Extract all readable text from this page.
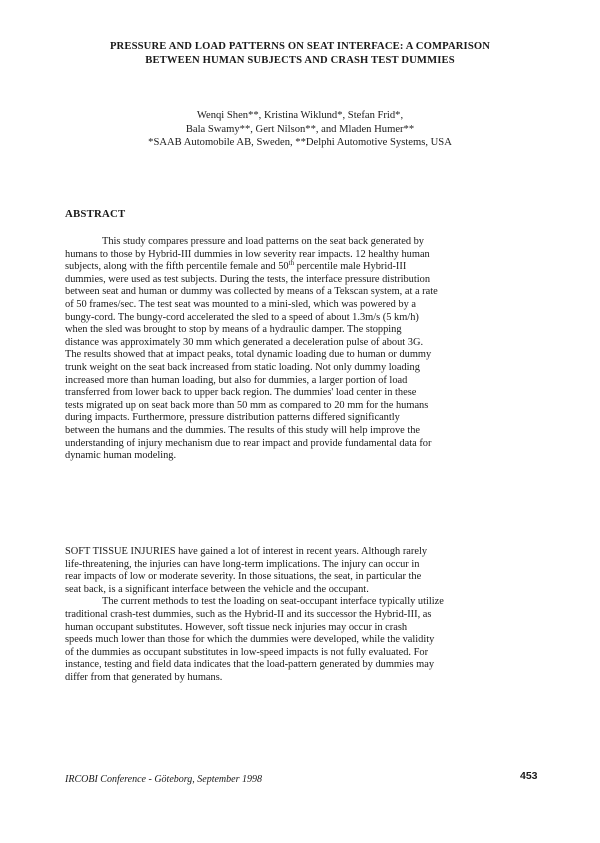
PRESSURE AND LOAD PATTERNS ON SEAT INTERFACE: A COMPARISON
BETWEEN HUMAN SUBJECTS AND CRASH TEST DUMMIES
Wenqi Shen**, Kristina Wiklund*, Stefan Frid*,
Bala Swamy**, Gert Nilson**, and Mladen Humer**
*SAAB Automobile AB, Sweden, **Delphi Automotive Systems, USA
ABSTRACT
This study compares pressure and load patterns on the seat back generated by
humans to those by Hybrid-III dummies in low severity rear impacts. 12 healthy human
subjects, along with the fifth percentile female and 50th percentile male Hybrid-III
dummies, were used as test subjects. During the tests, the interface pressure distribution
between seat and human or dummy was collected by means of a Tekscan system, at a rate
of 50 frames/sec. The test seat was mounted to a mini-sled, which was powered by a
bungy-cord. The bungy-cord accelerated the sled to a speed of about 1.3m/s (5 km/h)
when the sled was brought to stop by means of a hydraulic damper. The stopping
distance was approximately 30 mm which generated a deceleration pulse of about 3G.
The results showed that at impact peaks, total dynamic loading due to human or dummy
trunk weight on the seat back increased from static loading. Not only dummy loading
increased more than human loading, but also for dummies, a larger portion of load
transferred from lower back to upper back region. The dummies' load center in these
tests migrated up on seat back more than 50 mm as compared to 20 mm for the humans
during impacts. Furthermore, pressure distribution patterns differed significantly
between the humans and the dummies. The results of this study will help improve the
understanding of injury mechanism due to rear impact and provide fundamental data for
dynamic human modeling.
SOFT TISSUE INJURIES have gained a lot of interest in recent years. Although rarely
life-threatening, the injuries can have long-term implications. The injury can occur in
rear impacts of low or moderate severity. In those situations, the seat, in particular the
seat back, is a significant interface between the vehicle and the occupant.
The current methods to test the loading on seat-occupant interface typically utilize
traditional crash-test dummies, such as the Hybrid-II and its successor the Hybrid-III, as
human occupant substitutes. However, soft tissue neck injuries may occur in crash
speeds much lower than those for which the dummies were developed, while the validity
of the dummies as occupant substitutes in low-speed impacts is not fully evaluated. For
instance, testing and field data indicates that the load-pattern generated by dummies may
differ from that generated by humans.
IRCOBI Conference - Göteborg, September 1998	453
